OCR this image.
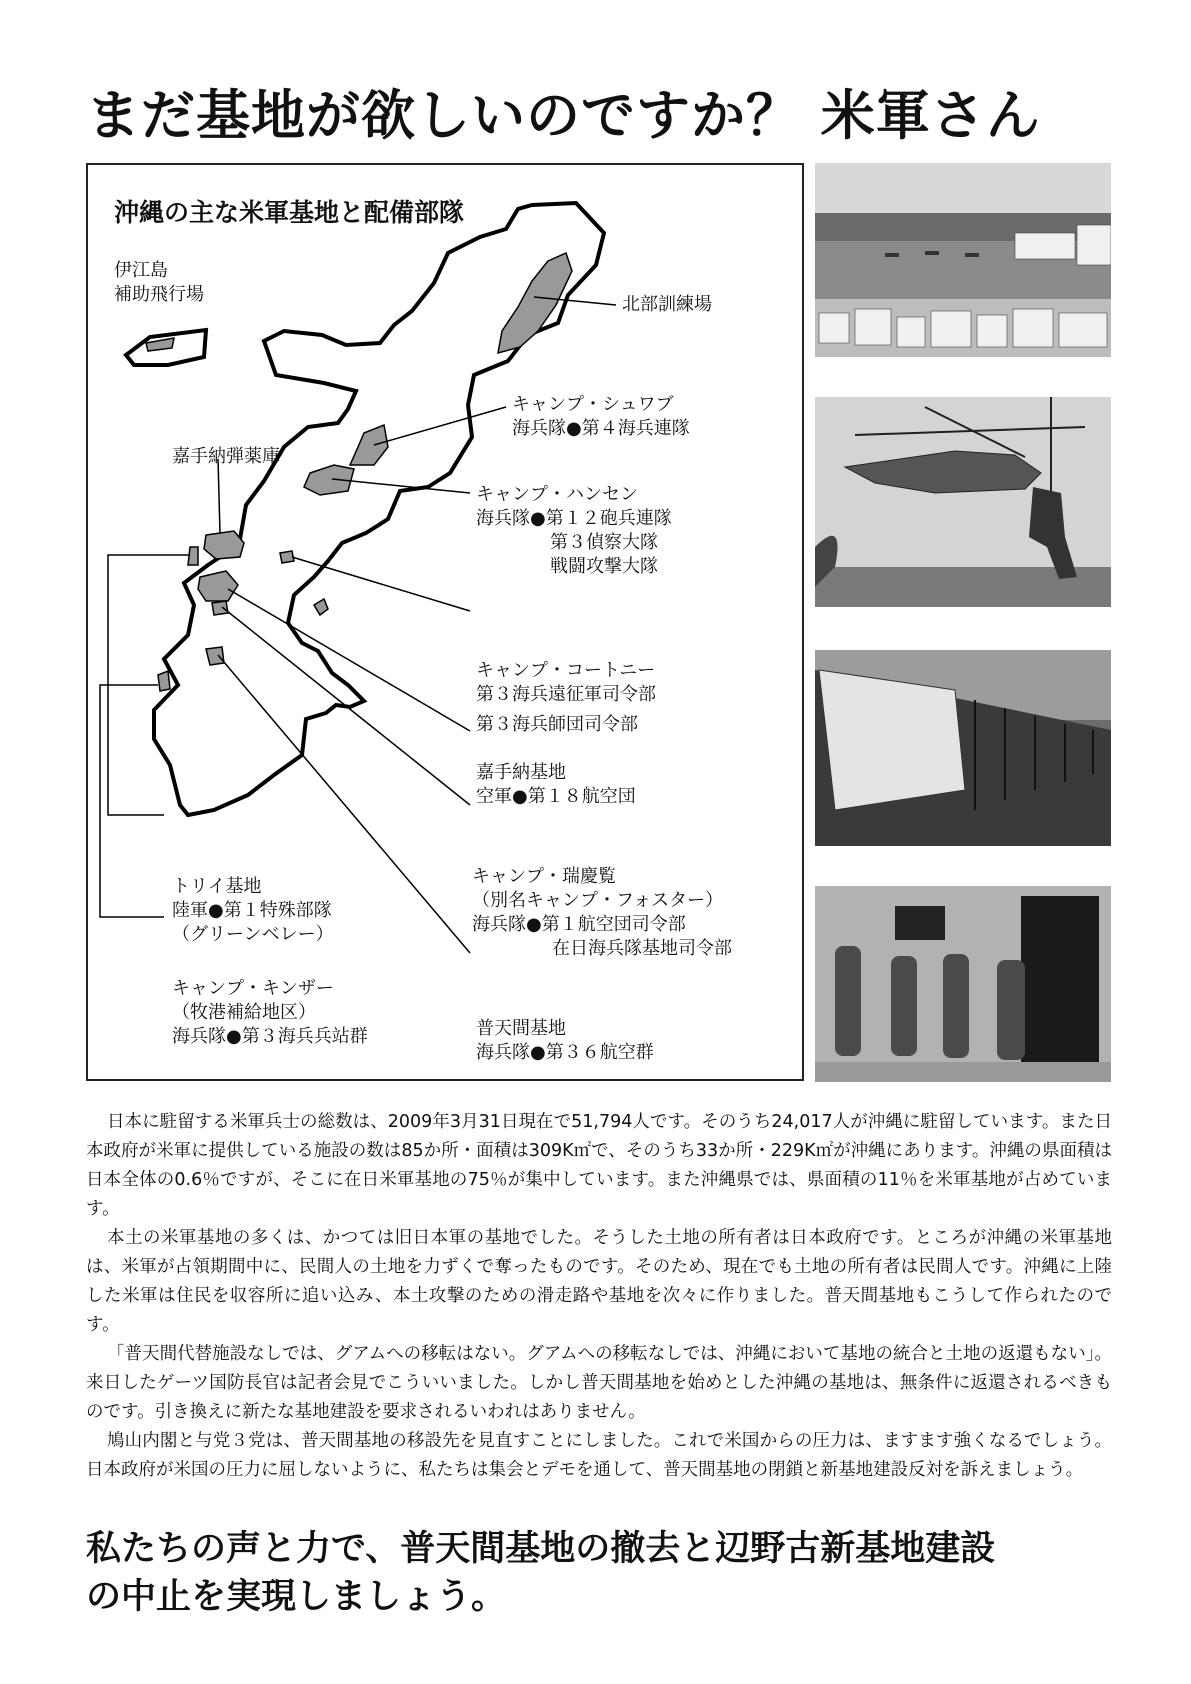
まだ基地が欲しいのですか？ 米軍さん
沖縄の主な米軍基地と配備部隊
伊江島
補助飛行場	北部訓練場
キャンプ・シュワブ
海兵隊●第４海兵連隊
嘉手納弾薬庫
キャンプ・ハンセン
海兵隊●第１２砲兵連隊
第３偵察大隊
戦闘攻撃大隊
キャンプ・コートニー
第３海兵遠征軍司令部
第３海兵師団司令部
嘉手納基地
空軍●第１８航空団
キャンプ・瑞慶覧
（別名キャンプ・フォスター）
海兵隊●第１航空団司令部
在日海兵隊基地司令部
トリイ基地
陸軍●第１特殊部隊
（グリーンベレー）
キャンプ・キンザー
（牧港補給地区）
海兵隊●第３海兵兵站群	普天間基地
海兵隊●第３６航空群

日本に駐留する米軍兵士の総数は、2009年3月31日現在で51,794人です。そのうち24,017人が沖縄に駐留しています。また日本政府が米軍に提供している施設の数は85か所・面積は309K㎡で、そのうち33か所・229K㎡が沖縄にあります。沖縄の県面積は日本全体の0.6％ですが、そこに在日米軍基地の75％が集中しています。また沖縄県では、県面積の11％を米軍基地が占めています。

本土の米軍基地の多くは、かつては旧日本軍の基地でした。そうした土地の所有者は日本政府です。ところが沖縄の米軍基地は、米軍が占領期間中に、民間人の土地を力ずくで奪ったものです。そのため、現在でも土地の所有者は民間人です。沖縄に上陸した米軍は住民を収容所に追い込み、本土攻撃のための滑走路や基地を次々に作りました。普天間基地もこうして作られたのです。

「普天間代替施設なしでは、グアムへの移転はない。グアムへの移転なしでは、沖縄において基地の統合と土地の返還もない」。来日したゲーツ国防長官は記者会見でこういいました。しかし普天間基地を始めとした沖縄の基地は、無条件に返還されるべきものです。引き換えに新たな基地建設を要求されるいわれはありません。

鳩山内閣と与党３党は、普天間基地の移設先を見直すことにしました。これで米国からの圧力は、ますます強くなるでしょう。日本政府が米国の圧力に屈しないように、私たちは集会とデモを通して、普天間基地の閉鎖と新基地建設反対を訴えましょう。

私たちの声と力で、普天間基地の撤去と辺野古新基地建設
の中止を実現しましょう。
